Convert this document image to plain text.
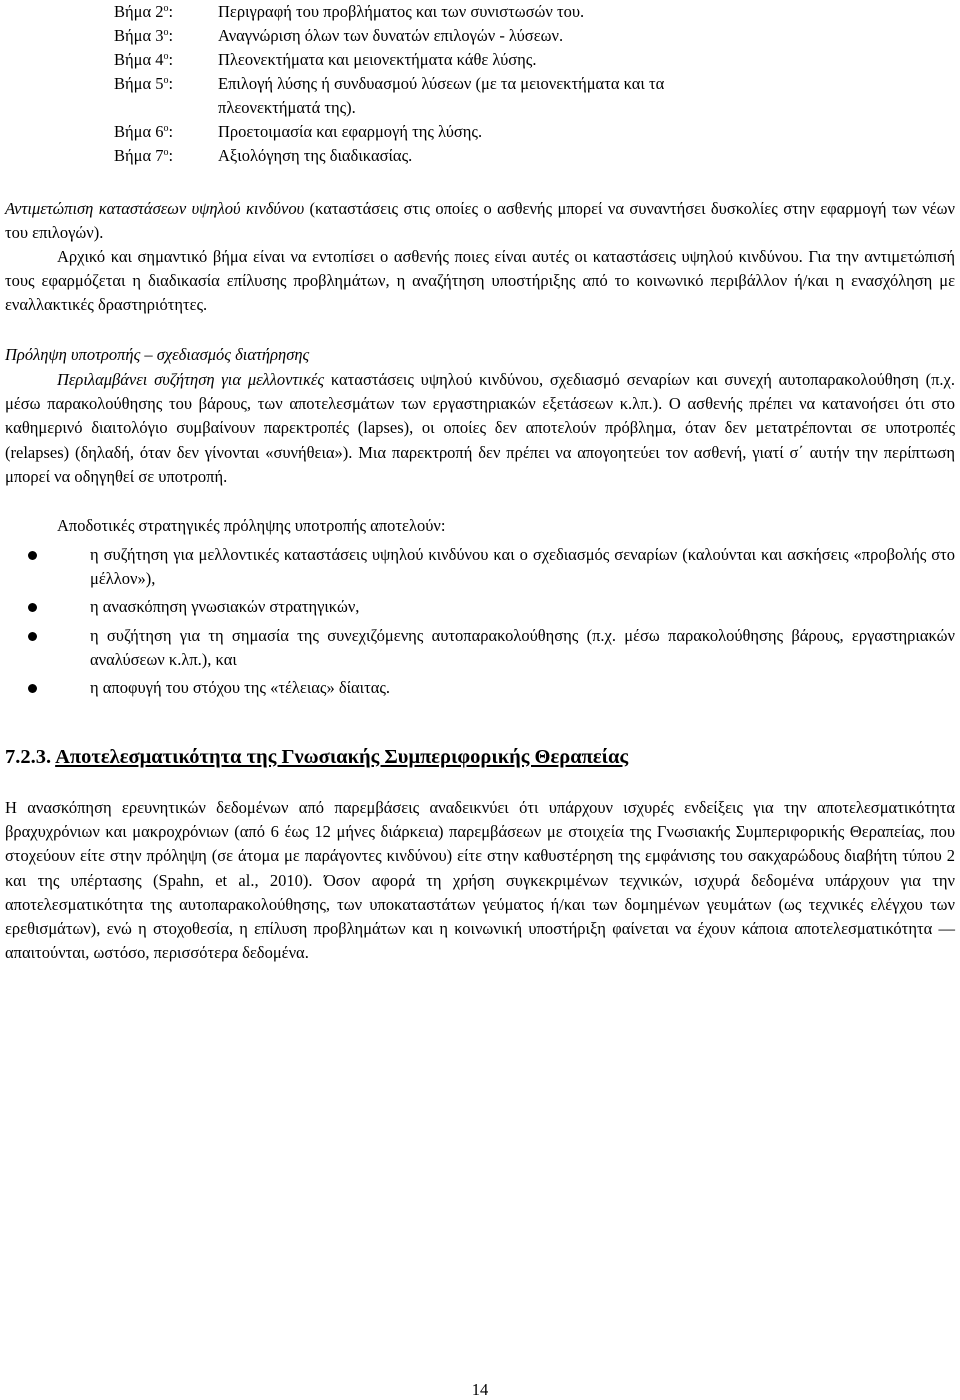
Βήμα $2^o$:	Περιγραφή του προβλήματος και των συνιστωσών του.
Βήμα $3^o$:	Αναγνώριση όλων των δυνατών επιλογών - λύσεων.
Βήμα $4^o$:	Πλεονεκτήματα και μειονεκτήματα κάθε λύσης.
Βήμα $5^o$:	Επιλογή λύσης ή συνδυασμού λύσεων (με τα μειονεκτήματα και τα
πλεονεκτήματά της).
Βήμα $6^o$:	Προετοιμασία και εφαρμογή της λύσης.
Βήμα $7^o$:	Αξιολόγηση της διαδικασίας.
Αντιμετώπιση καταστάσεων υψηλού κινδύνου (καταστάσεις στις οποίες ο ασθενής μπορεί να συναντήσει δυσκολίες στην εφαρμογή των νέων του επιλογών).
Αρχικό και σημαντικό βήμα είναι να εντοπίσει ο ασθενής ποιες είναι αυτές οι καταστάσεις υψηλού κινδύνου. Για την αντιμετώπισή τους εφαρμόζεται η διαδικασία επίλυσης προβλημάτων, η αναζήτηση υποστήριξης από το κοινωνικό περιβάλλον ή/και η ενασχόληση με εναλλακτικές δραστηριότητες.
Πρόληψη υποτροπής – σχεδιασμός διατήρησης
Περιλαμβάνει συζήτηση για μελλοντικές καταστάσεις υψηλού κινδύνου, σχεδιασμό σεναρίων και συνεχή αυτοπαρακολούθηση (π.χ. μέσω παρακολούθησης του βάρους, των αποτελεσμάτων των εργαστηριακών εξετάσεων κ.λπ.). Ο ασθενής πρέπει να κατανοήσει ότι στο καθημερινό διαιτολόγιο συμβαίνουν παρεκτροπές (lapses), οι οποίες δεν αποτελούν πρόβλημα, όταν δεν μετατρέπονται σε υποτροπές (relapses) (δηλαδή, όταν δεν γίνονται «συνήθεια»). Μια παρεκτροπή δεν πρέπει να απογοητεύει τον ασθενή, γιατί σ΄ αυτήν την περίπτωση μπορεί να οδηγηθεί σε υποτροπή.
Αποδοτικές στρατηγικές πρόληψης υποτροπής αποτελούν:
η συζήτηση για μελλοντικές καταστάσεις υψηλού κινδύνου και ο σχεδιασμός σεναρίων (καλούνται και ασκήσεις «προβολής στο μέλλον»),
η ανασκόπηση γνωσιακών στρατηγικών,
η συζήτηση για τη σημασία της συνεχιζόμενης αυτοπαρακολούθησης (π.χ. μέσω παρακολούθησης βάρους, εργαστηριακών αναλύσεων κ.λπ.), και
η αποφυγή του στόχου της «τέλειας» δίαιτας.
7.2.3. Αποτελεσματικότητα της Γνωσιακής Συμπεριφορικής Θεραπείας
Η ανασκόπηση ερευνητικών δεδομένων από παρεμβάσεις αναδεικνύει ότι υπάρχουν ισχυρές ενδείξεις για την αποτελεσματικότητα βραχυχρόνιων και μακροχρόνιων (από 6 έως 12 μήνες διάρκεια) παρεμβάσεων με στοιχεία της Γνωσιακής Συμπεριφορικής Θεραπείας, που στοχεύουν είτε στην πρόληψη (σε άτομα με παράγοντες κινδύνου) είτε στην καθυστέρηση της εμφάνισης του σακχαρώδους διαβήτη τύπου 2 και της υπέρτασης (Spahn, et al., 2010). Όσον αφορά τη χρήση συγκεκριμένων τεχνικών, ισχυρά δεδομένα υπάρχουν για την αποτελεσματικότητα της αυτοπαρακολούθησης, των υποκαταστάτων γεύματος ή/και των δομημένων γευμάτων (ως τεχνικές ελέγχου των ερεθισμάτων), ενώ η στοχοθεσία, η επίλυση προβλημάτων και η κοινωνική υποστήριξη φαίνεται να έχουν κάποια αποτελεσματικότητα —απαιτούνται, ωστόσο, περισσότερα δεδομένα.
14
